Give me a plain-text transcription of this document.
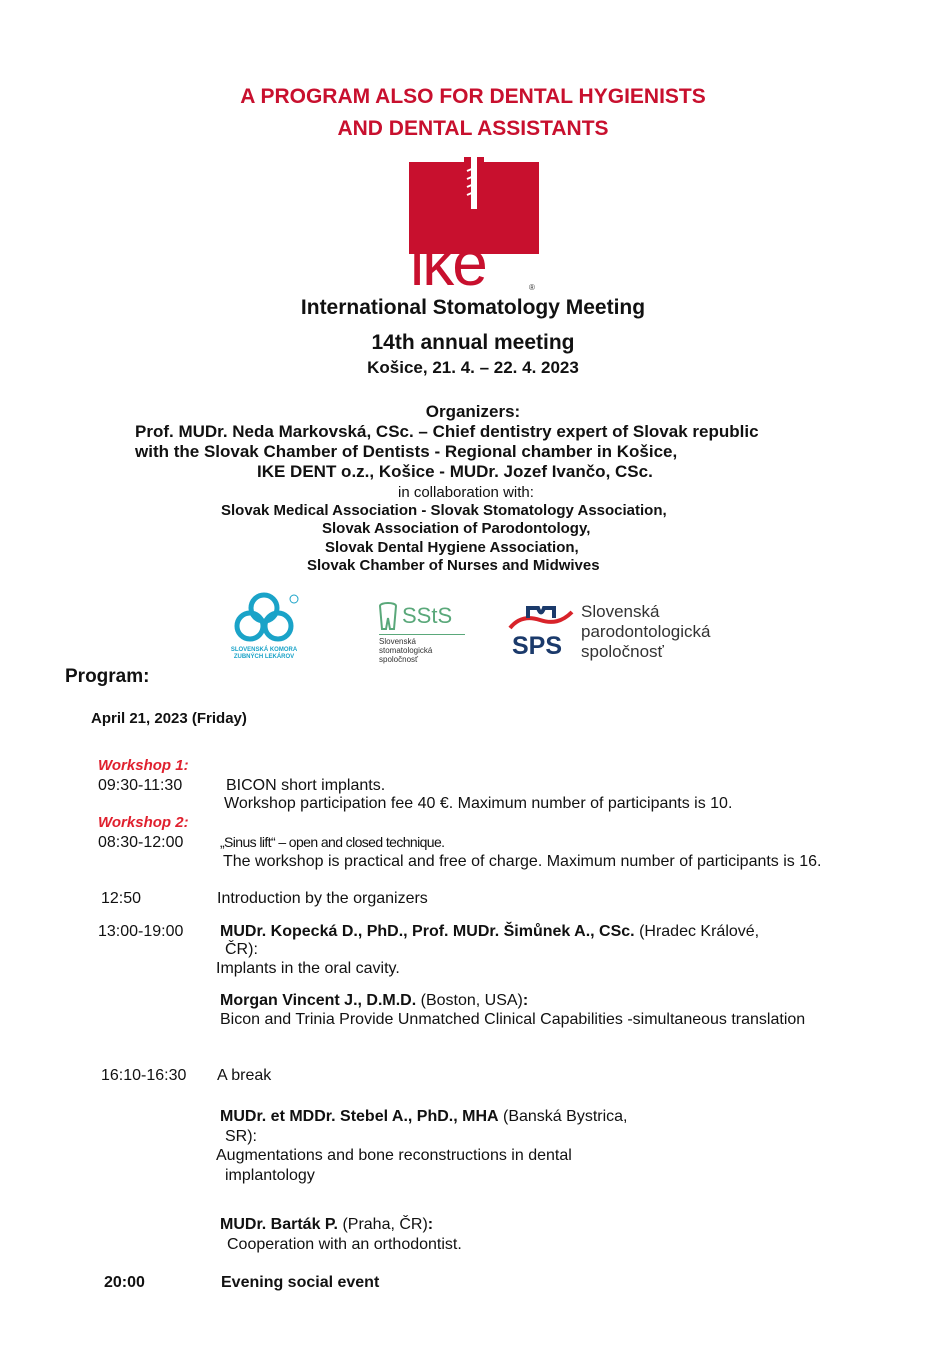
A PROGRAM ALSO FOR DENTAL HYGIENISTS
AND DENTAL ASSISTANTS
ike	®
International Stomatology Meeting
14th annual meeting
Košice, 21. 4. – 22. 4. 2023
Organizers:
Prof. MUDr. Neda Markovská, CSc. – Chief dentistry expert of Slovak republic
with the Slovak Chamber of Dentists - Regional chamber in Košice,
IKE DENT o.z., Košice - MUDr. Jozef Ivančo, CSc.
in collaboration with:
Slovak Medical Association - Slovak Stomatology Association,
Slovak Association of Parodontology,
Slovak Dental Hygiene Association,
Slovak Chamber of Nurses and Midwives
SLOVENSKÁ KOMORA
ZUBNÝCH LEKÁROV
SStS
Slovenská
stomatologická
spoločnosť	SPS
Slovenská
parodontologická
spoločnosť
Program:
April 21, 2023 (Friday)
Workshop 1:
09:30-11:30	BICON short implants.
Workshop participation fee 40 €. Maximum number of participants is 10.
Workshop 2:
08:30-12:00	„Sinus lift“ – open and closed technique.
The workshop is practical and free of charge. Maximum number of participants is 16.
12:50	Introduction by the organizers
13:00-19:00 MUDr. Kopecká D., PhD., Prof. MUDr. Šimůnek A., CSc. (Hradec Králové,
ČR):
Implants in the oral cavity.
Morgan Vincent J., D.M.D. (Boston, USA):
Bicon and Trinia Provide Unmatched Clinical Capabilities -simultaneous translation
16:10-16:30 A break
MUDr. et MDDr. Stebel A., PhD., MHA (Banská Bystrica,
SR):
Augmentations and bone reconstructions in dental
implantology
MUDr. Barták P. (Praha, ČR):
Cooperation with an orthodontist.
20:00	Evening social event
